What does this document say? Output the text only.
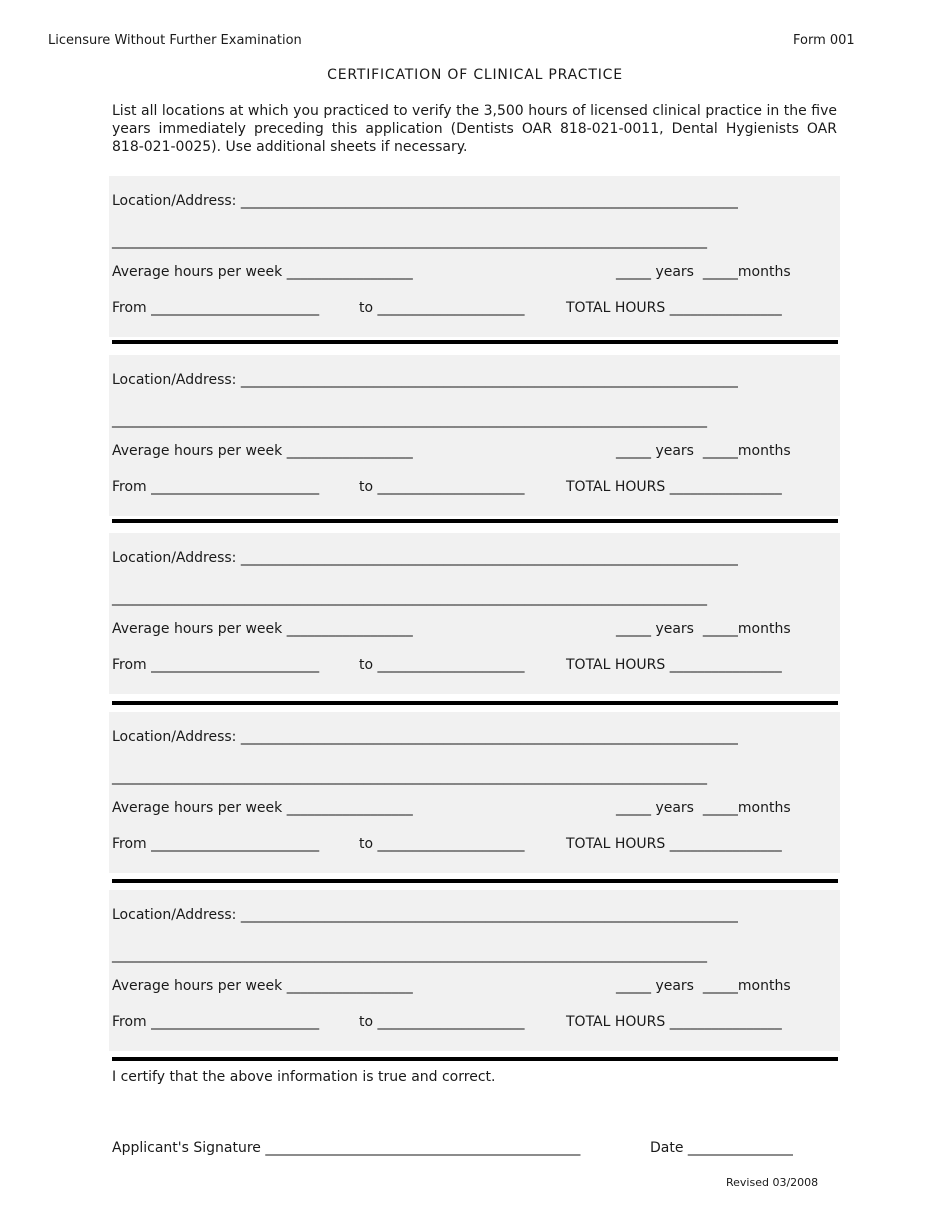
Licensure Without Further Examination	Form 001
CERTIFICATION OF CLINICAL PRACTICE
List all locations at which you practiced to verify the 3,500 hours of licensed clinical practice in the five years immediately preceding this application (Dentists OAR 818-021-0011, Dental Hygienists OAR 818-021-0025). Use additional sheets if necessary.
Location/Address: _______________________________________________________________________
_____________________________________________________________________________________
Average hours per week __________________	_____ years _____months
From ________________________	to _____________________	TOTAL HOURS ________________
Location/Address: _______________________________________________________________________
_____________________________________________________________________________________
Average hours per week __________________	_____ years _____months
From ________________________	to _____________________	TOTAL HOURS ________________
Location/Address: _______________________________________________________________________
_____________________________________________________________________________________
Average hours per week __________________	_____ years _____months
From ________________________	to _____________________	TOTAL HOURS ________________
Location/Address: _______________________________________________________________________
_____________________________________________________________________________________
Average hours per week __________________	_____ years _____months
From ________________________	to _____________________	TOTAL HOURS ________________
Location/Address: _______________________________________________________________________
_____________________________________________________________________________________
Average hours per week __________________	_____ years _____months
From ________________________	to _____________________	TOTAL HOURS ________________
I certify that the above information is true and correct.
Applicant's Signature _____________________________________________	Date _______________
Revised 03/2008
